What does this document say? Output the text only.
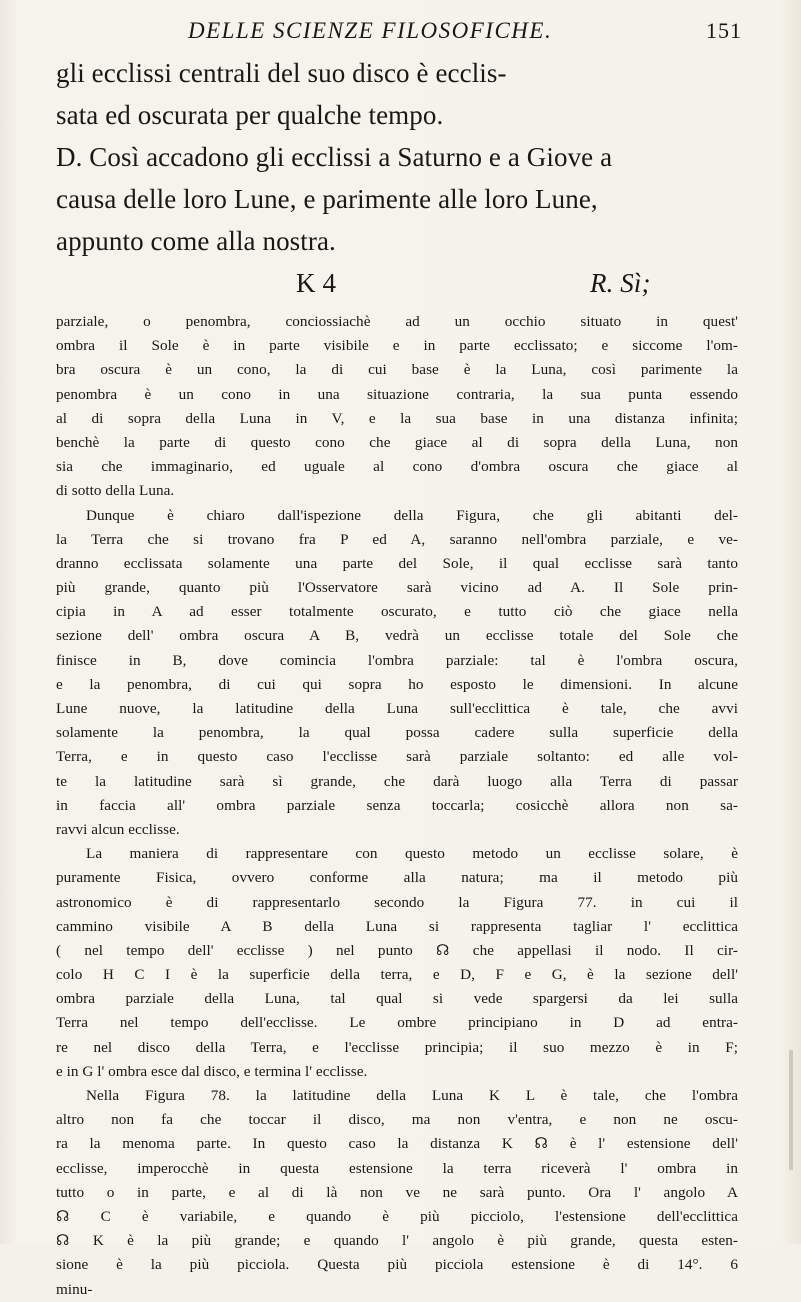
DELLE SCIENZE FILOSOFICHE.	151
gli ecclissi centrali del suo disco è ecclis-
sata ed oscurata per qualche tempo.
D. Così accadono gli ecclissi a Saturno e a Giove a
causa delle loro Lune, e parimente alle loro Lune,
appunto come alla nostra.
K 4	R. Sì;
parziale, o penombra, conciossiachè ad un occhio situato in quest'
ombra il Sole è in parte visibile e in parte ecclissato; e siccome l'om-
bra oscura è un cono, la di cui base è la Luna, così parimente la
penombra è un cono in una situazione contraria, la sua punta essendo
al di sopra della Luna in V, e la sua base in una distanza infinita;
benchè la parte di questo cono che giace al di sopra della Luna, non
sia che immaginario, ed uguale al cono d'ombra oscura che giace al
di sotto della Luna.
Dunque è chiaro dall'ispezione della Figura, che gli abitanti del-
la Terra che si trovano fra P ed A, saranno nell'ombra parziale, e ve-
dranno ecclissata solamente una parte del Sole, il qual ecclisse sarà tanto
più grande, quanto più l'Osservatore sarà vicino ad A. Il Sole prin-
cipia in A ad esser totalmente oscurato, e tutto ciò che giace nella
sezione dell' ombra oscura A B, vedrà un ecclisse totale del Sole che
finisce in B, dove comincia l'ombra parziale: tal è l'ombra oscura,
e la penombra, di cui qui sopra ho esposto le dimensioni. In alcune
Lune nuove, la latitudine della Luna sull'ecclittica è tale, che avvi
solamente la penombra, la qual possa cadere sulla superficie della
Terra, e in questo caso l'ecclisse sarà parziale soltanto: ed alle vol-
te la latitudine sarà sì grande, che darà luogo alla Terra di passar
in faccia all' ombra parziale senza toccarla; cosicchè allora non sa-
ravvi alcun ecclisse.
La maniera di rappresentare con questo metodo un ecclisse solare, è
puramente Fisica, ovvero conforme alla natura; ma il metodo più
astronomico è di rappresentarlo secondo la Figura 77. in cui il
cammino visibile A B della Luna si rappresenta tagliar l' ecclittica
( nel tempo dell' ecclisse ) nel punto ☊ che appellasi il nodo. Il cir-
colo H C I è la superficie della terra, e D, F e G, è la sezione dell'
ombra parziale della Luna, tal qual si vede spargersi da lei sulla
Terra nel tempo dell'ecclisse. Le ombre principiano in D ad entra-
re nel disco della Terra, e l'ecclisse principia; il suo mezzo è in F;
e in G l' ombra esce dal disco, e termina l' ecclisse.
Nella Figura 78. la latitudine della Luna K L è tale, che l'ombra
altro non fa che toccar il disco, ma non v'entra, e non ne oscu-
ra la menoma parte. In questo caso la distanza K ☊ è l' estensione dell'
ecclisse, imperocchè in questa estensione la terra riceverà l' ombra in
tutto o in parte, e al di là non ve ne sarà punto. Ora l' angolo A
☊ C è variabile, e quando è più picciolo, l'estensione dell'ecclittica
☊ K è la più grande; e quando l' angolo è più grande, questa esten-
sione è la più picciola. Questa più picciola estensione è di 14°. 6
minu-
